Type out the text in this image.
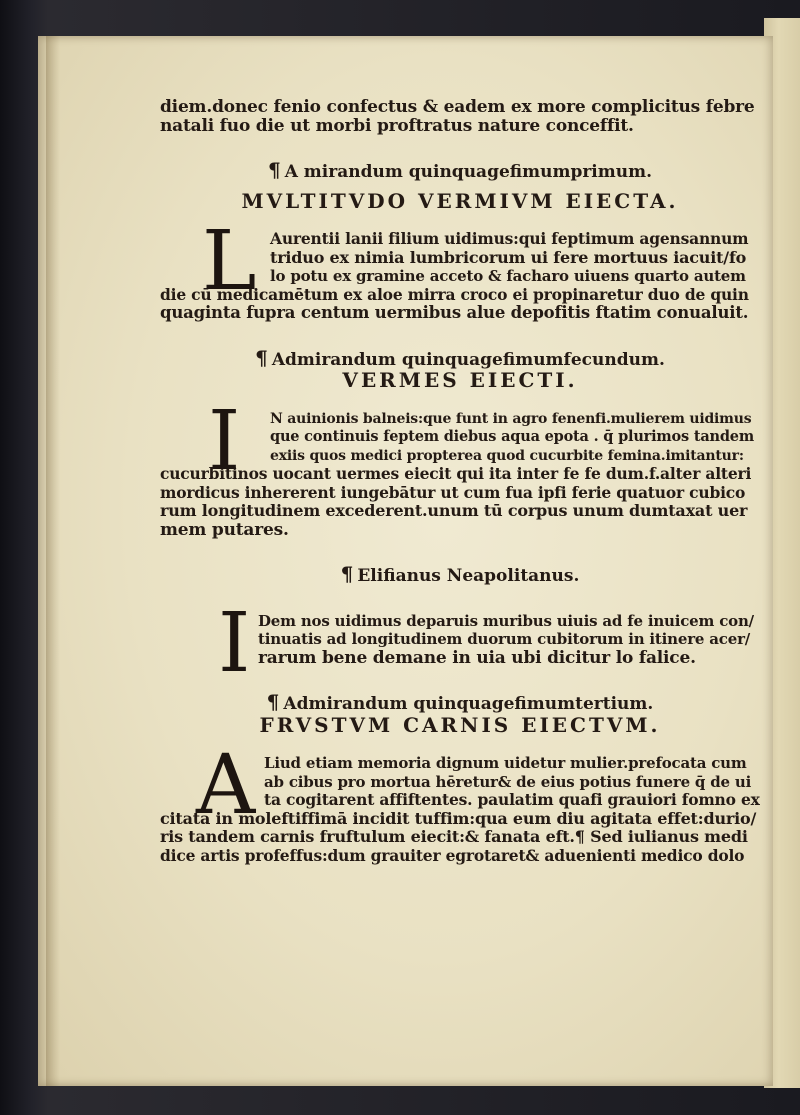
diem.donec fenio confectus & eadem ex more complicitus febre
natali fuo die ut morbi proftratus nature conceffit.
¶ A mirandum quinquagefimumprimum.
MVLTITVDO VERMIVM EIECTA.
L Aurentii lanii filium uidimus:qui feptimum agensannum
triduo ex nimia lumbricorum ui fere mortuus iacuit/fo
lo potu ex gramine acceto & facharo uiuens quarto autem
die cū medicamētum ex aloe mirra croco ei propinaretur duo de quin
quaginta fupra centum uermibus alue depofitis ftatim conualuit.
¶ Admirandum quinquagefimumfecundum.
VERMES EIECTI.
I	N auinionis balneis:que funt in agro fenenfi.mulierem uidimus
que continuis feptem diebus aqua epota . q̄ plurimos tandem
exiis quos medici propterea quod cucurbite femina.imitantur:
cucurbitinos uocant uermes eiecit qui ita inter fe fe dum.f.alter alteri
mordicus inhererent iungebātur ut cum fua ipfi ferie quatuor cubico
rum longitudinem excederent.unum tū corpus unum dumtaxat uer
mem putares.
¶ Elifianus Neapolitanus.
I Dem nos uidimus deparuis muribus uiuis ad fe inuicem con/
tinuatis ad longitudinem duorum cubitorum in itinere acer/
rarum bene demane in uia ubi dicitur lo falice.
¶ Admirandum quinquagefimumtertium.
FRVSTVM CARNIS EIECTVM.
A Liud etiam memoria dignum uidetur mulier.prefocata cum
ab cibus pro mortua hēretur& de eius potius funere q̄ de ui
ta cogitarent affiftentes. paulatim quafi grauiori fomno ex
citata in moleftiffimā incidit tuffim:qua eum diu agitata effet:durio/
ris tandem carnis fruftulum eiecit:& fanata eft.¶ Sed iulianus medi
dice artis profeffus:dum grauiter egrotaret& aduenienti medico dolo
